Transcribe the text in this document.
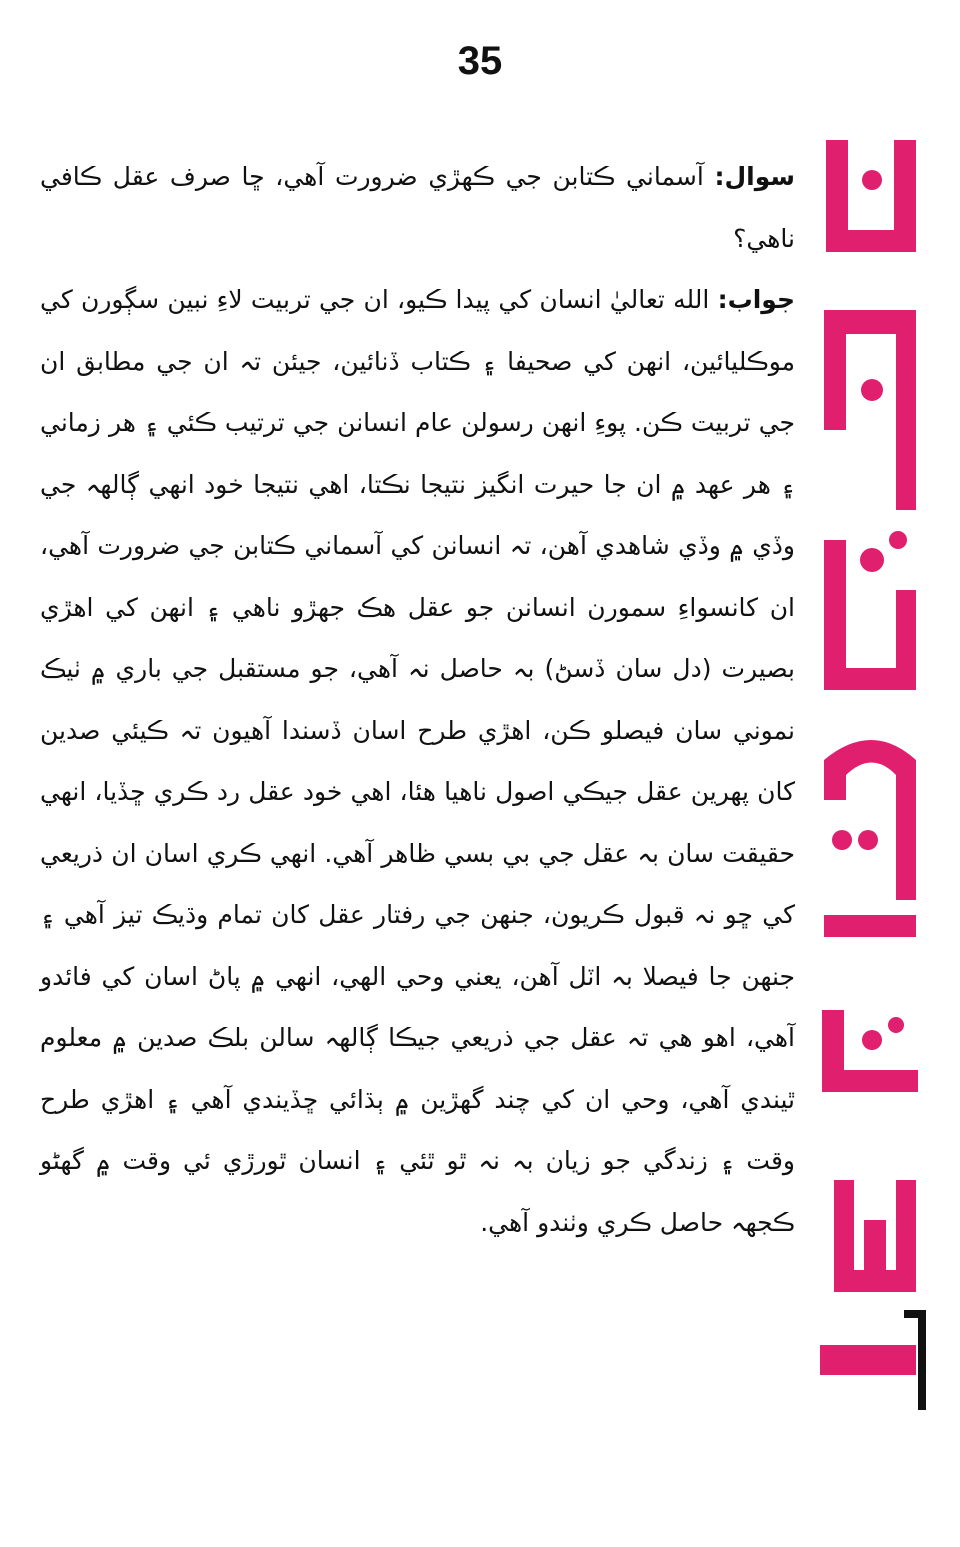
35

سوال: آسماني ڪتابن جي ڪهڙي ضرورت آهي، ڇا صرف عقل ڪافي ناهي؟

جواب: الله تعاليٰ انسان کي پيدا ڪيو، ان جي تربيت لاءِ نبين سڳورن کي موڪليائين، انهن کي صحيفا ۽ ڪتاب ڏنائين، جيئن تہ ان جي مطابق ان جي تربيت ڪن. پوءِ انهن رسولن عام انسانن جي ترتيب ڪئي ۽ هر زماني ۽ هر عهد ۾ ان جا حيرت انگيز نتيجا نڪتا، اهي نتيجا خود انهي ڳالهہ جي وڏي ۾ وڏي شاهدي آهن، تہ انسانن کي آسماني ڪتابن جي ضرورت آهي، ان کانسواءِ سمورن انسانن جو عقل هڪ جهڙو ناهي ۽ انهن کي اهڙي بصيرت (دل سان ڏسڻ) بہ حاصل نہ آهي، جو مستقبل جي باري ۾ ٺيڪ نموني سان فيصلو ڪن، اهڙي طرح اسان ڏسندا آهيون تہ ڪيئي صدين کان پهرين عقل جيڪي اصول ناهيا هئا، اهي خود عقل رد ڪري ڇڏيا، انهي حقيقت سان بہ عقل جي بي بسي ظاهر آهي. انهي ڪري اسان ان ذريعي کي ڇو نہ قبول ڪريون، جنهن جي رفتار عقل کان تمام وڌيڪ تيز آهي ۽ جنهن جا فيصلا بہ اٽل آهن، يعني وحي الهي، انهي ۾ پاڻ اسان کي فائدو آهي، اهو هي تہ عقل جي ذريعي جيڪا ڳالهہ سالن بلڪ صدين ۾ معلوم ٿيندي آهي، وحي ان کي چند گهڙين ۾ ٻڌائي ڇڏيندي آهي ۽ اهڙي طرح وقت ۽ زندگي جو زيان بہ نہ ٿو ٿئي ۽ انسان ٿورڙي ئي وقت ۾ گهڻو ڪجهہ حاصل ڪري وٺندو آهي.
